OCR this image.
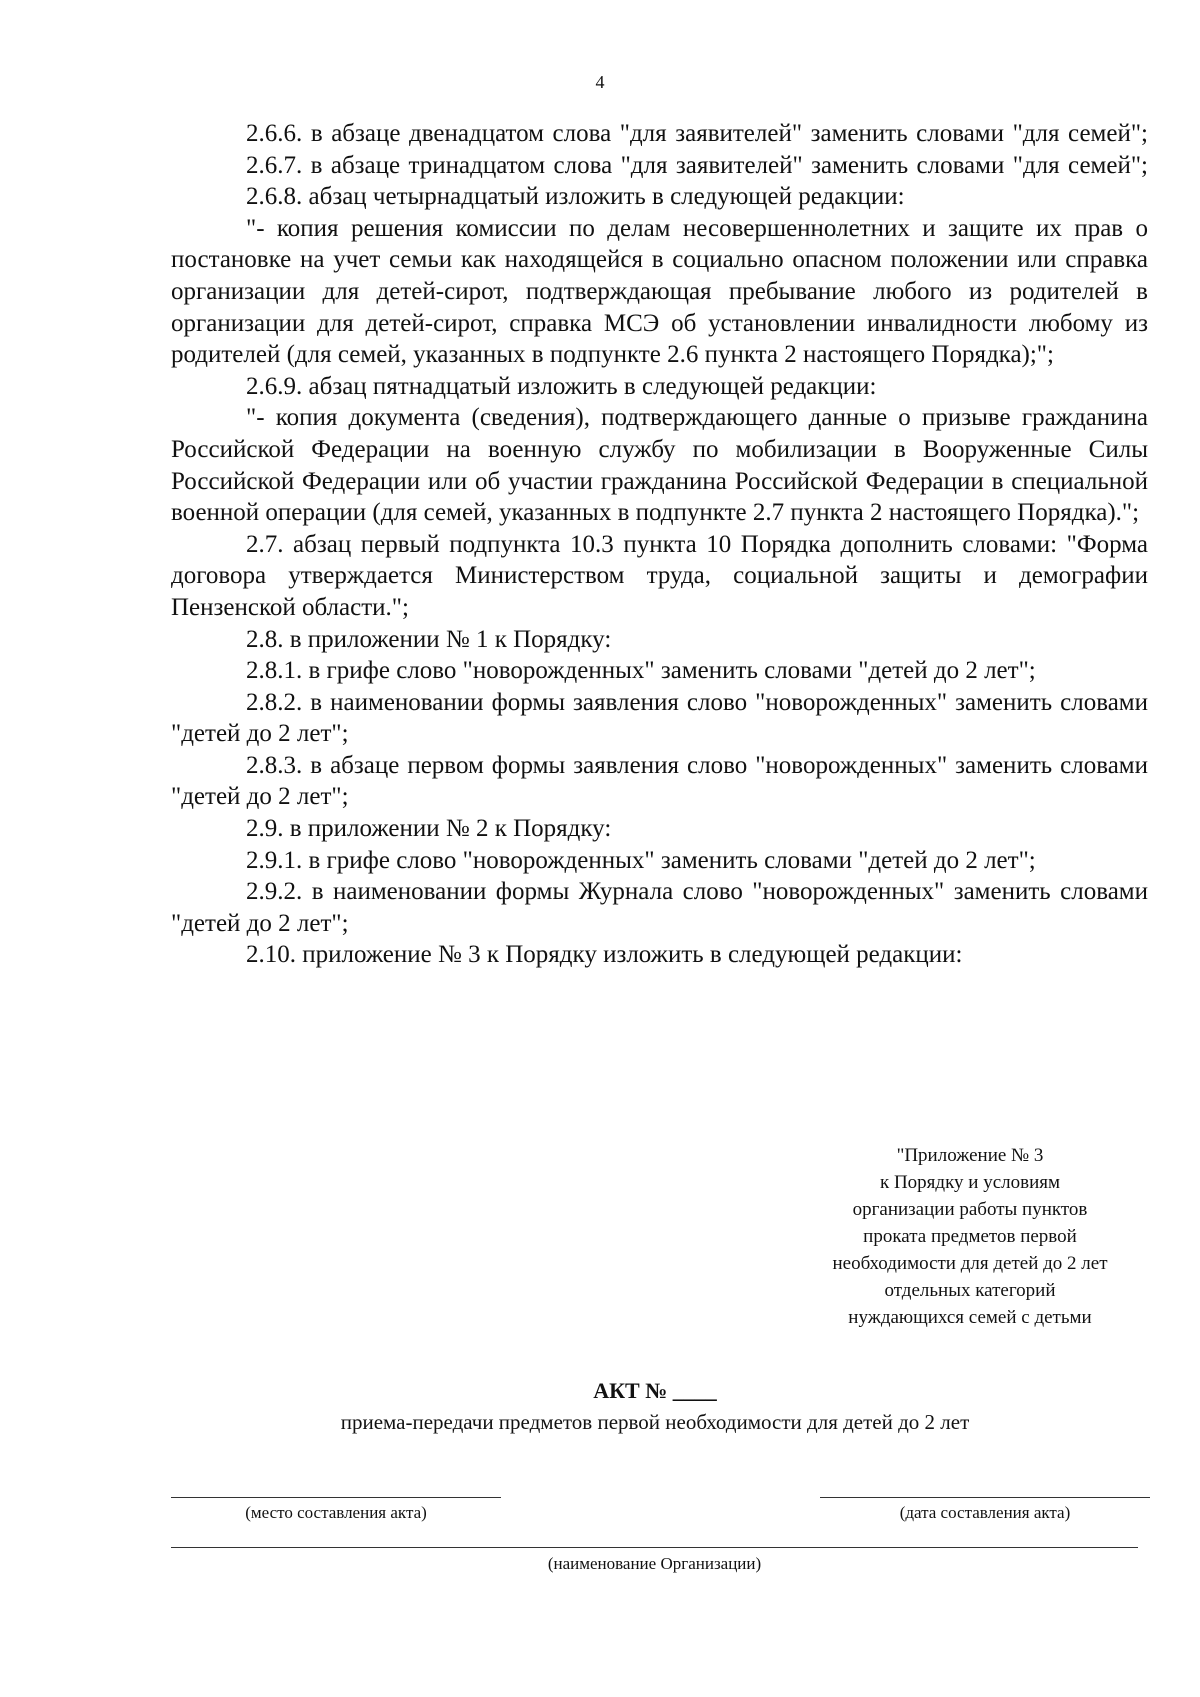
4

2.6.6. в абзаце двенадцатом слова "для заявителей" заменить словами "для семей";

2.6.7. в абзаце тринадцатом слова "для заявителей" заменить словами "для семей";

2.6.8. абзац четырнадцатый изложить в следующей редакции:

"- копия решения комиссии по делам несовершеннолетних и защите их прав о постановке на учет семьи как находящейся в социально опасном положении или справка организации для детей-сирот, подтверждающая пребывание любого из родителей в организации для детей-сирот, справка МСЭ об установлении инвалидности любому из родителей (для семей, указанных в подпункте 2.6 пункта 2 настоящего Порядка);";

2.6.9. абзац пятнадцатый изложить в следующей редакции:

"- копия документа (сведения), подтверждающего данные о призыве гражданина Российской Федерации на военную службу по мобилизации в Вооруженные Силы Российской Федерации или об участии гражданина Российской Федерации в специальной военной операции (для семей, указанных в подпункте 2.7 пункта 2 настоящего Порядка).";

2.7. абзац первый подпункта 10.3 пункта 10 Порядка дополнить словами: "Форма договора утверждается Министерством труда, социальной защиты и демографии Пензенской области.";

2.8. в приложении № 1 к Порядку:

2.8.1. в грифе слово "новорожденных" заменить словами "детей до 2 лет";

2.8.2. в наименовании формы заявления слово "новорожденных" заменить словами "детей до 2 лет";

2.8.3. в абзаце первом формы заявления слово "новорожденных" заменить словами "детей до 2 лет";

2.9. в приложении № 2 к Порядку:

2.9.1. в грифе слово "новорожденных" заменить словами "детей до 2 лет";

2.9.2. в наименовании формы Журнала слово "новорожденных" заменить словами "детей до 2 лет";

2.10. приложение № 3 к Порядку изложить в следующей редакции:

"Приложение № 3
к Порядку и условиям
организации работы пунктов
проката предметов первой
необходимости для детей до 2 лет
отдельных категорий
нуждающихся семей с детьми
АКТ № ____
приема-передачи предметов первой необходимости для детей до 2 лет
(место составления акта)	(дата составления акта)
(наименование Организации)
